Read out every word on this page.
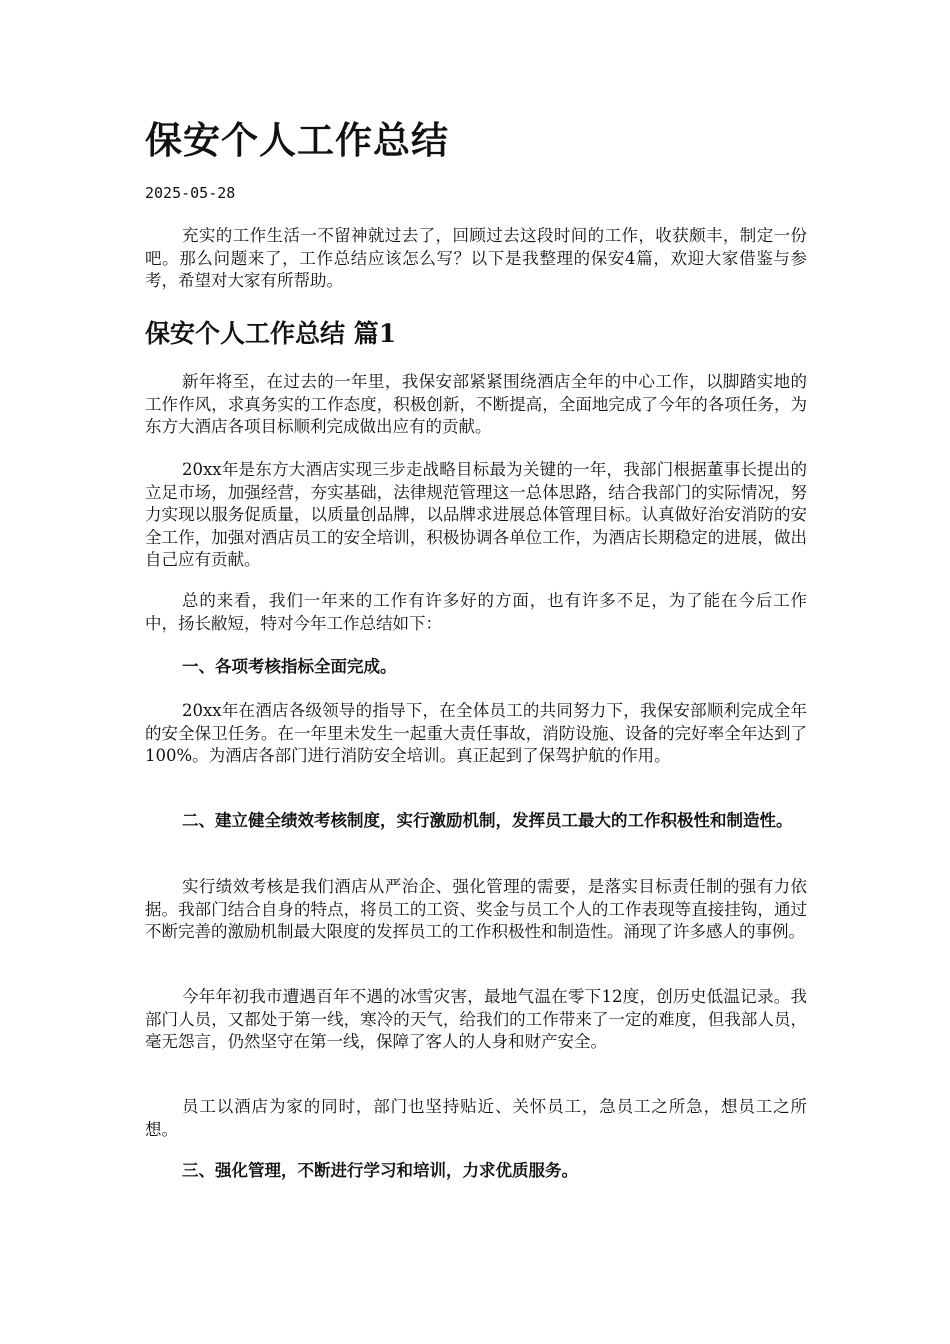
保安个人工作总结
2025-05-28

充实的工作生活一不留神就过去了，回顾过去这段时间的工作，收获颇丰，制定一份吧。那么问题来了，工作总结应该怎么写？以下是我整理的保安4篇，欢迎大家借鉴与参考，希望对大家有所帮助。

保安个人工作总结 篇1

新年将至，在过去的一年里，我保安部紧紧围绕酒店全年的中心工作，以脚踏实地的工作作风，求真务实的工作态度，积极创新，不断提高，全面地完成了今年的各项任务，为东方大酒店各项目标顺利完成做出应有的贡献。

20xx年是东方大酒店实现三步走战略目标最为关键的一年，我部门根据董事长提出的立足市场，加强经营，夯实基础，法律规范管理这一总体思路，结合我部门的实际情况，努力实现以服务促质量，以质量创品牌，以品牌求进展总体管理目标。认真做好治安消防的安全工作，加强对酒店员工的安全培训，积极协调各单位工作，为酒店长期稳定的进展，做出自己应有贡献。

总的来看，我们一年来的工作有许多好的方面，也有许多不足，为了能在今后工作中，扬长敝短，特对今年工作总结如下：

一、各项考核指标全面完成。

20xx年在酒店各级领导的指导下，在全体员工的共同努力下，我保安部顺利完成全年的安全保卫任务。在一年里未发生一起重大责任事故，消防设施、设备的完好率全年达到了100%。为酒店各部门进行消防安全培训。真正起到了保驾护航的作用。

二、建立健全绩效考核制度，实行激励机制，发挥员工最大的工作积极性和制造性。

实行绩效考核是我们酒店从严治企、强化管理的需要，是落实目标责任制的强有力依据。我部门结合自身的特点，将员工的工资、奖金与员工个人的工作表现等直接挂钩，通过不断完善的激励机制最大限度的发挥员工的工作积极性和制造性。涌现了许多感人的事例。

今年年初我市遭遇百年不遇的冰雪灾害，最地气温在零下12度，创历史低温记录。我部门人员，又都处于第一线，寒冷的天气，给我们的工作带来了一定的难度，但我部人员，毫无怨言，仍然坚守在第一线，保障了客人的人身和财产安全。

员工以酒店为家的同时，部门也坚持贴近、关怀员工，急员工之所急，想员工之所想。

三、强化管理，不断进行学习和培训，力求优质服务。
